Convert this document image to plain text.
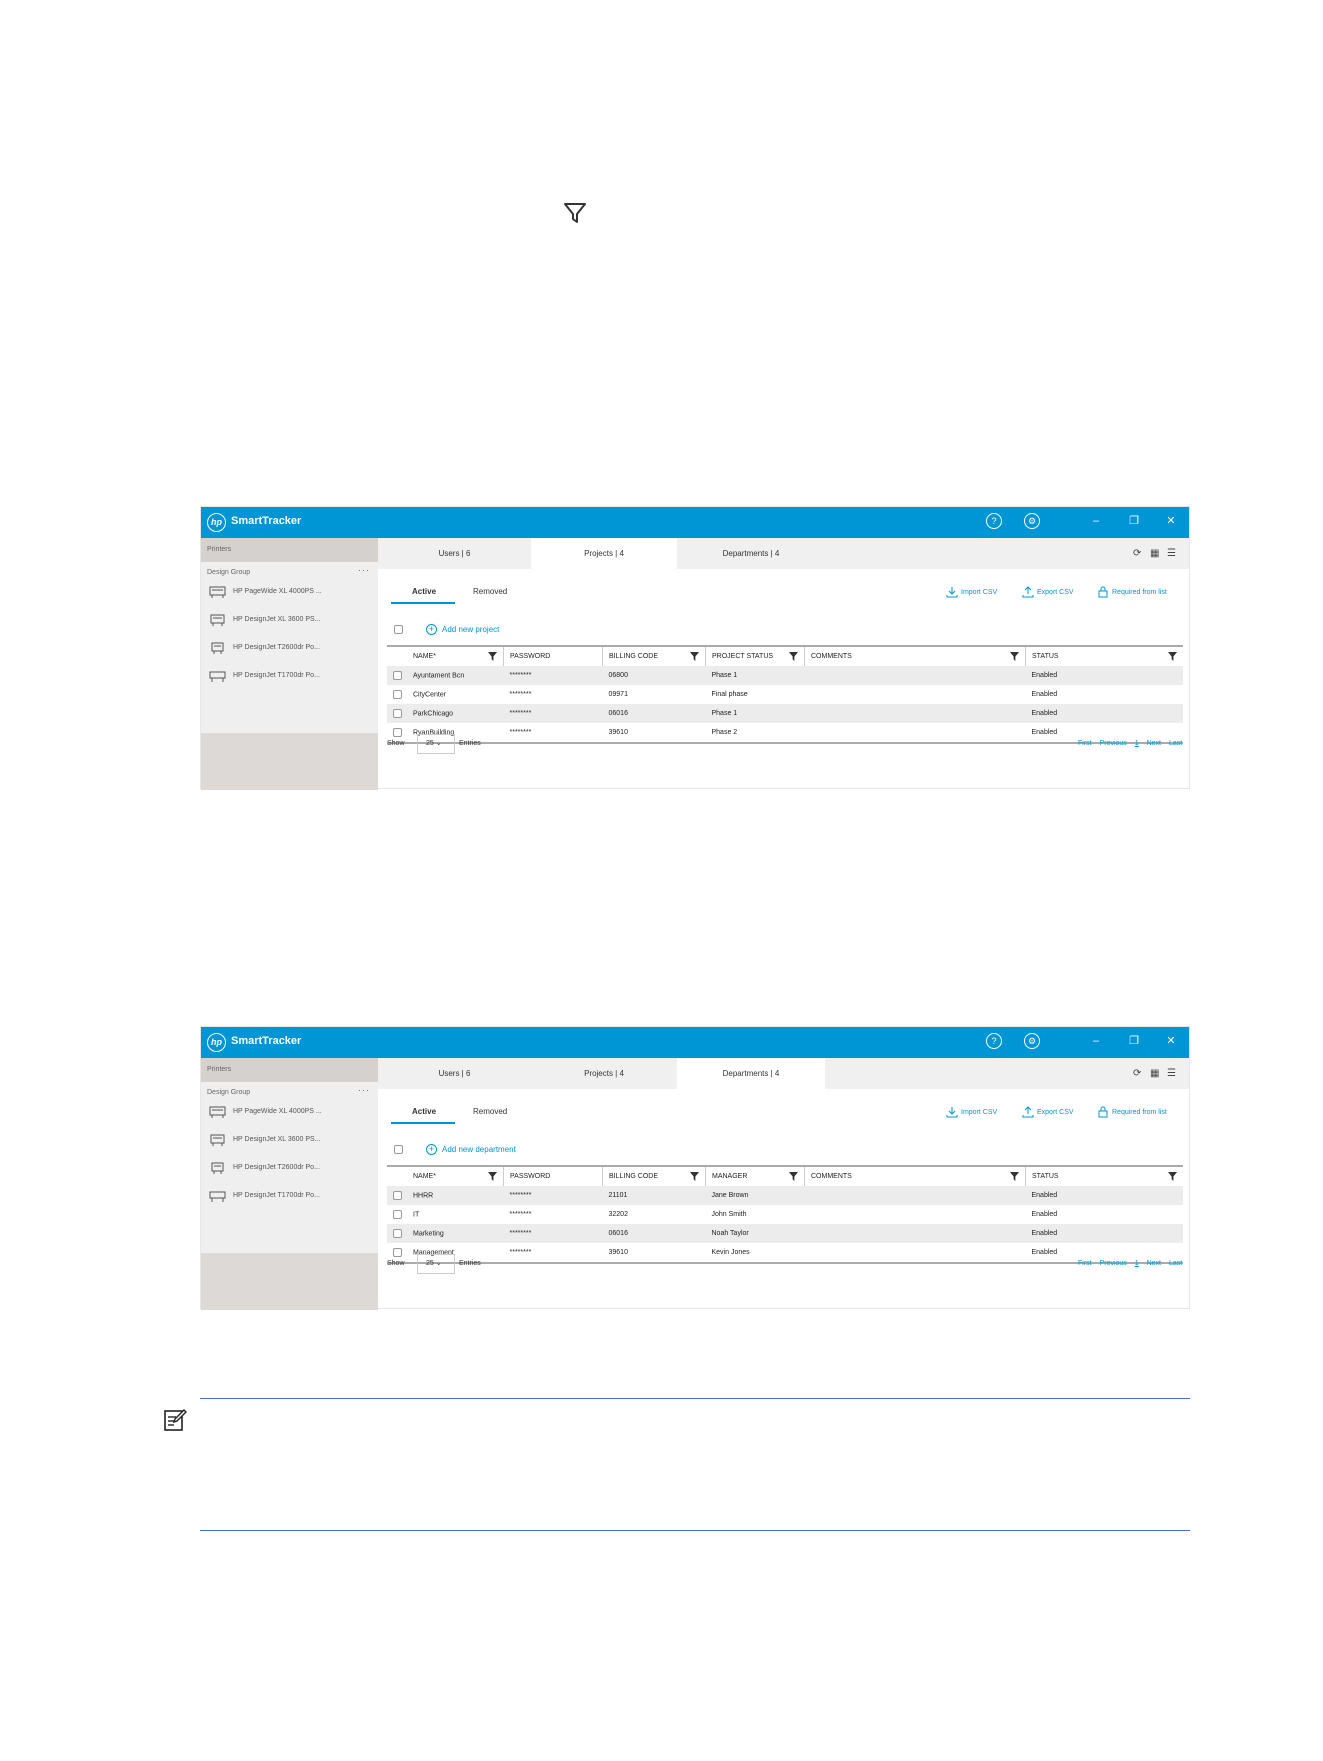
hp SmartTracker	?	⚙	–	❐	✕
Printers
Design Group	···
HP PageWide XL 4000PS ...
HP DesignJet XL 3600 PS...
HP DesignJet T2600dr Po...
HP DesignJet T1700dr Po...
Users | 6	Projects | 4	Departments | 4	⟳ ▦ ☰
Active	Removed	Import CSV	Export CSV	Required from list
+ Add new project
NAME*	PASSWORD	BILLING CODE	PROJECT STATUS	COMMENTS	STATUS

Ayuntament Bcn	********	06800	Phase 1		Enabled
CityCenter	********	09971	Final phase		Enabled
ParkChicago	********	06016	Phase 1		Enabled
RyanBuilding	********	39610	Phase 2		Enabled
Show	25 ⌄	Entries	First Previous 1 Next Last
hp SmartTracker	?	⚙	–	❐	✕
Printers
Design Group	···
HP PageWide XL 4000PS ...
HP DesignJet XL 3600 PS...
HP DesignJet T2600dr Po...
HP DesignJet T1700dr Po...
Users | 6	Projects | 4	Departments | 4	⟳ ▦ ☰
Active	Removed	Import CSV	Export CSV	Required from list
+ Add new department
NAME*	PASSWORD	BILLING CODE	MANAGER	COMMENTS	STATUS

HHRR	********	21101	Jane Brown		Enabled
IT	********	32202	John Smith		Enabled
Marketing	********	06016	Noah Taylor		Enabled
Management	********	39610	Kevin Jones		Enabled
Show	25 ⌄	Entries	First Previous 1 Next Last
